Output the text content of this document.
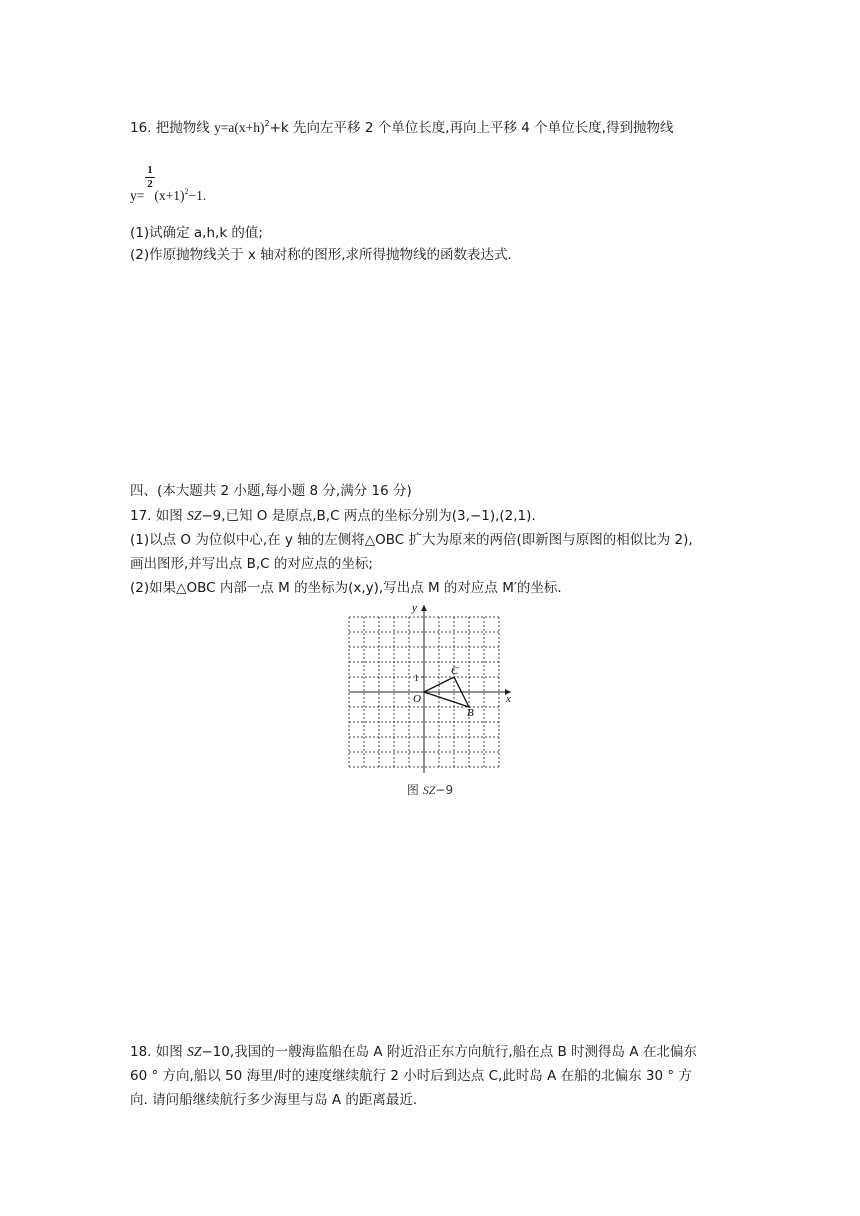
16. 把抛物线 $y=a(x+h)^2+k$ 先向左平移 2 个单位长度,再向上平移 4 个单位长度,得到抛物线
$\frac{1}{2}$
$y= (x+1)^2-1$.
(1)试确定 a,h,k 的值;
(2)作原抛物线关于 x 轴对称的图形,求所得抛物线的函数表达式.
四、(本大题共 2 小题,每小题 8 分,满分 16 分)
17. 如图 SZ−9,已知 O 是原点,B,C 两点的坐标分别为(3,−1),(2,1).
(1)以点 O 为位似中心,在 y 轴的左侧将△OBC 扩大为原来的两倍(即新图与原图的相似比为 2),
画出图形,并写出点 B,C 的对应点的坐标;
(2)如果△OBC 内部一点 M 的坐标为(x,y),写出点 M 的对应点 M′的坐标.
y
x
O
B
C
1
图 SZ−9
18. 如图 SZ−10,我国的一艘海监船在岛 A 附近沿正东方向航行,船在点 B 时测得岛 A 在北偏东
60 ° 方向,船以 50 海里/时的速度继续航行 2 小时后到达点 C,此时岛 A 在船的北偏东 30 ° 方
向. 请问船继续航行多少海里与岛 A 的距离最近.
